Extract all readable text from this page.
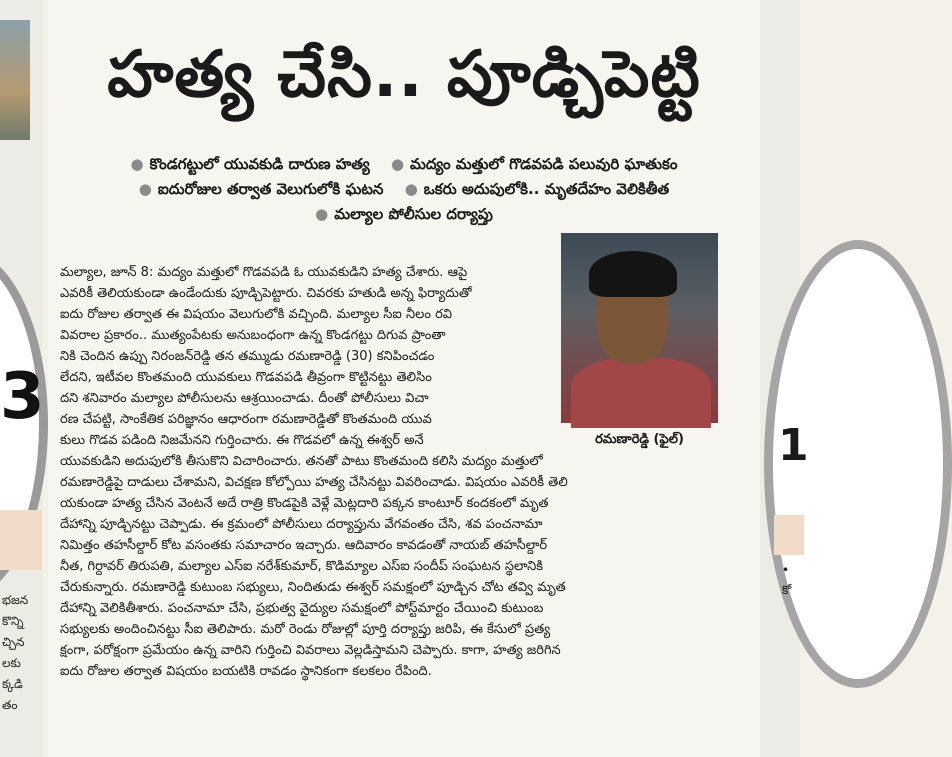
3
భజన
కొన్ని
చ్చిన
లకు
క్కడి
తం
హత్య చేసి.. పూడ్చిపెట్టి
● కొండగట్టులో యువకుడి దారుణ హత్య ● మద్యం మత్తులో గొడవపడి పలువురి ఘాతుకం
● ఐదురోజుల తర్వాత వెలుగులోకి ఘటన ● ఒకరు అదుపులోకి.. మృతదేహం వెలికితీత
● మల్యాల పోలీసుల దర్యాప్తు
రమణారెడ్డి (ఫైల్)
మల్యాల, జూన్ 8: మద్యం మత్తులో గొడవపడి ఓ యువకుడిని హత్య చేశారు. ఆపై
ఎవరికీ తెలియకుండా ఉండేందుకు పూడ్చిపెట్టారు. చివరకు హతుడి అన్న ఫిర్యాదుతో
ఐదు రోజుల తర్వాత ఈ విషయం వెలుగులోకి వచ్చింది. మల్యాల సీఐ నీలం రవి
వివరాల ప్రకారం.. ముత్యంపేటకు అనుబంధంగా ఉన్న కొండగట్టు దిగువ ప్రాంతా
నికి చెందిన ఉప్పు నిరంజన్‌రెడ్డి తన తమ్ముడు రమణారెడ్డి (30) కనిపించడం
లేదని, ఇటీవల కొంతమంది యువకులు గొడవపడి తీవ్రంగా కొట్టినట్టు తెలిసిం
దని శనివారం మల్యాల పోలీసులను ఆశ్రయించాడు. దీంతో పోలీసులు విచా
రణ చేపట్టి, సాంకేతిక పరిజ్ఞానం ఆధారంగా రమణారెడ్డితో కొంతమంది యువ
కులు గొడవ పడింది నిజమేనని గుర్తించారు. ఈ గొడవలో ఉన్న ఈశ్వర్ అనే
యువకుడిని అదుపులోకి తీసుకొని విచారించారు. తనతో పాటు కొంతమంది కలిసి మద్యం మత్తులో
రమణారెడ్డిపై దాడులు చేశామని, విచక్షణ కోల్పోయి హత్య చేసినట్టు వివరించాడు. విషయం ఎవరికీ తెలి
యకుండా హత్య చేసిన వెంటనే అదే రాత్రి కొండపైకి వెళ్లే మెట్లదారి పక్కన కాంటూర్ కందకంలో మృత
దేహాన్ని పూడ్చినట్టు చెప్పాడు. ఈ క్రమంలో పోలీసులు దర్యాప్తును వేగవంతం చేసి, శవ పంచనామా
నిమిత్తం తహసీల్దార్ కోట వసంతకు సమాచారం ఇచ్చారు. ఆదివారం కావడంతో నాయబ్ తహసీల్దార్
నీత, గిర్దావర్ తిరుపతి, మల్యాల ఎస్ఐ నరేశ్‌కుమార్, కొడిమ్యాల ఎస్ఐ సందీప్ సంఘటన స్థలానికి
చేరుకున్నారు. రమణారెడ్డి కుటుంబ సభ్యులు, నిందితుడు ఈశ్వర్ సమక్షంలో పూడ్చిన చోట తవ్వి మృత
దేహాన్ని వెలికితీశారు. పంచనామా చేసి, ప్రభుత్వ వైద్యుల సమక్షంలో పోస్ట్‌మార్టం చేయించి కుటుంబ
సభ్యులకు అందించినట్టు సీఐ తెలిపారు. మరో రెండు రోజుల్లో పూర్తి దర్యాప్తు జరిపి, ఈ కేసులో ప్రత్య
క్షంగా, పరోక్షంగా ప్రమేయం ఉన్న వారిని గుర్తించి వివరాలు వెల్లడిస్తామని చెప్పారు. కాగా, హత్య జరిగిన
ఐదు రోజుల తర్వాత విషయం బయటికి రావడం స్థానికంగా కలకలం రేపింది.
1
•
కో
